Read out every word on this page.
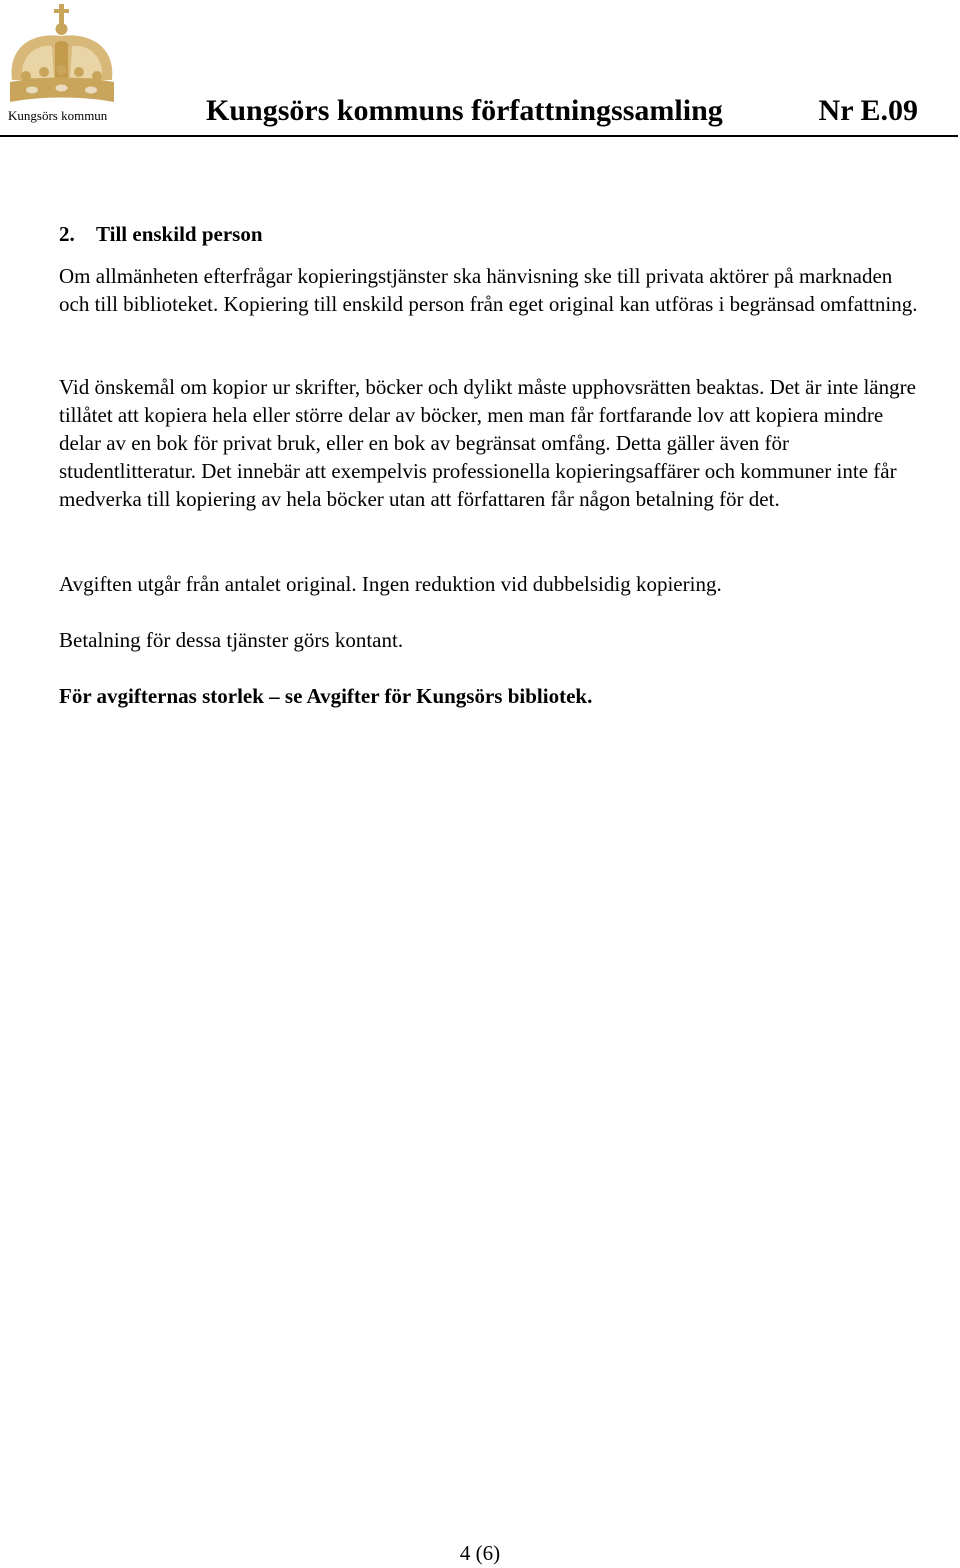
Kungsörs kommun	Kungsörs kommuns författningssamling	Nr E.09
2. Till enskild person

Om allmänheten efterfrågar kopieringstjänster ska hänvisning ske till privata aktörer på marknaden och till biblioteket. Kopiering till enskild person från eget original kan utföras i begränsad omfattning.

Vid önskemål om kopior ur skrifter, böcker och dylikt måste upphovsrätten beaktas. Det är inte längre tillåtet att kopiera hela eller större delar av böcker, men man får fortfarande lov att kopiera mindre delar av en bok för privat bruk, eller en bok av begränsat omfång. Detta gäller även för studentlitteratur. Det innebär att exempelvis professionella kopieringsaffärer och kommuner inte får medverka till kopiering av hela böcker utan att författaren får någon betalning för det.

Avgiften utgår från antalet original. Ingen reduktion vid dubbelsidig kopiering.

Betalning för dessa tjänster görs kontant.

För avgifternas storlek – se Avgifter för Kungsörs bibliotek.

4 (6)
